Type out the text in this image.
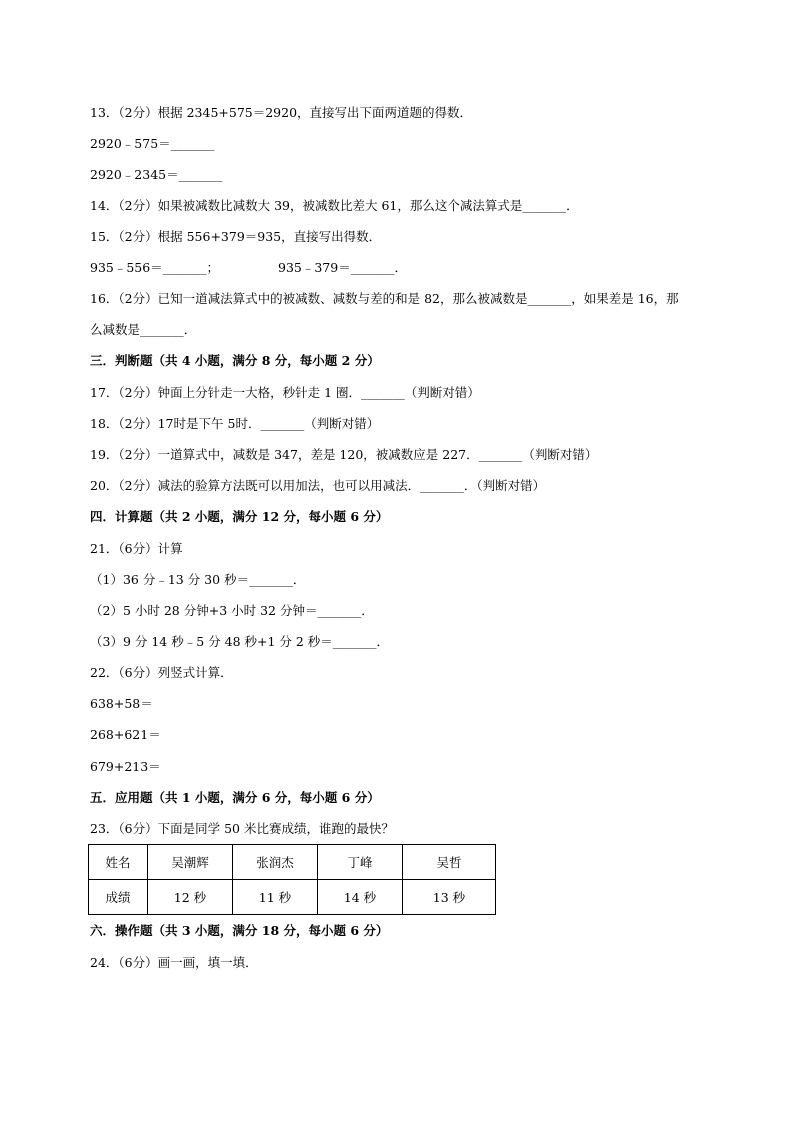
13．（2分）根据 2345+575＝2920，直接写出下面两道题的得数．
2920﹣575＝_______
2920﹣2345＝_______
14．（2分）如果被减数比减数大 39，被减数比差大 61，那么这个减法算式是_______．
15．（2分）根据 556+379＝935，直接写出得数．
935﹣556＝_______；	935﹣379＝_______．
16．（2分）已知一道减法算式中的被减数、减数与差的和是 82，那么被减数是_______，如果差是 16，那
么减数是_______．
三．判断题（共 4 小题，满分 8 分，每小题 2 分）
17．（2分）钟面上分针走一大格，秒针走 1 圈．_______（判断对错）
18．（2分）17时是下午 5时．_______（判断对错）
19．（2分）一道算式中，减数是 347，差是 120，被减数应是 227．_______（判断对错）
20．（2分）减法的验算方法既可以用加法，也可以用减法．_______．（判断对错）
四．计算题（共 2 小题，满分 12 分，每小题 6 分）
21．（6分）计算
（1）36 分﹣13 分 30 秒＝_______．
（2）5 小时 28 分钟+3 小时 32 分钟＝_______．
（3）9 分 14 秒﹣5 分 48 秒+1 分 2 秒＝_______．
22．（6分）列竖式计算．
638+58＝
268+621＝
679+213＝
五．应用题（共 1 小题，满分 6 分，每小题 6 分）
23．（6分）下面是同学 50 米比赛成绩，谁跑的最快？
姓名	吴潮辉	张润杰	丁峰	吴哲
成绩	12 秒	11 秒	14 秒	13 秒
六．操作题（共 3 小题，满分 18 分，每小题 6 分）
24．（6分）画一画，填一填．
